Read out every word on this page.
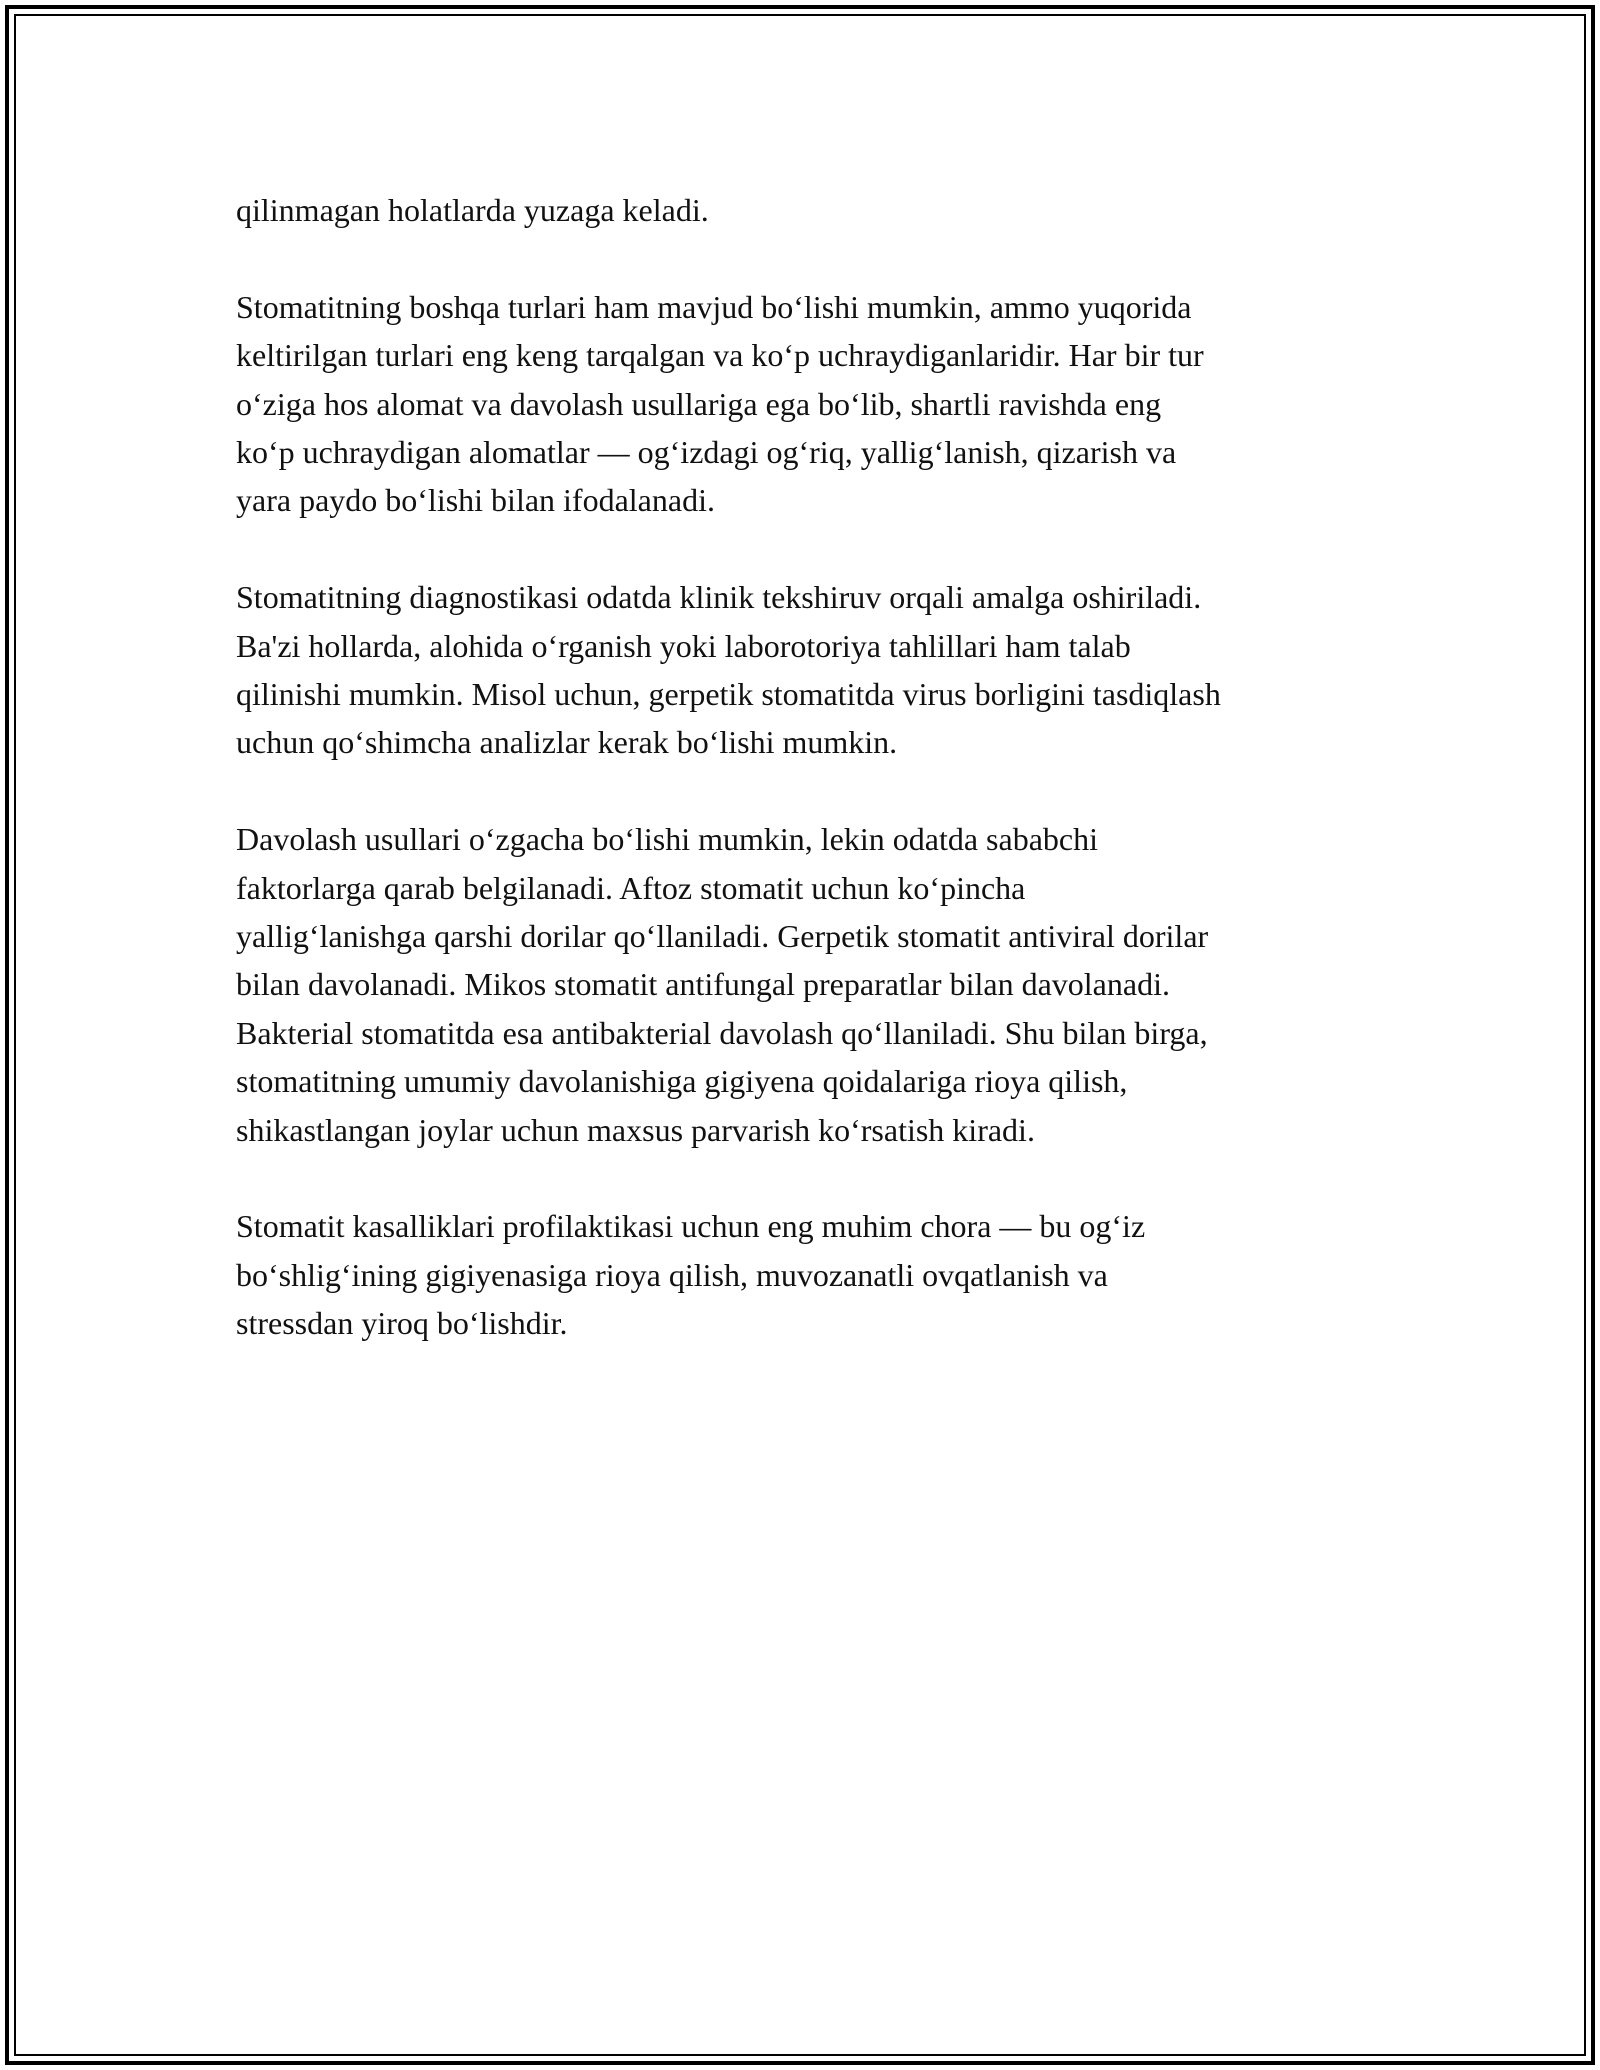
qilinmagan holatlarda yuzaga keladi.

Stomatitning boshqa turlari ham mavjud bo‘lishi mumkin, ammo yuqorida
keltirilgan turlari eng keng tarqalgan va ko‘p uchraydiganlaridir. Har bir tur
o‘ziga hos alomat va davolash usullariga ega bo‘lib, shartli ravishda eng
ko‘p uchraydigan alomatlar — og‘izdagi og‘riq, yallig‘lanish, qizarish va
yara paydo bo‘lishi bilan ifodalanadi.

Stomatitning diagnostikasi odatda klinik tekshiruv orqali amalga oshiriladi.
Ba'zi hollarda, alohida o‘rganish yoki laborotoriya tahlillari ham talab
qilinishi mumkin. Misol uchun, gerpetik stomatitda virus borligini tasdiqlash
uchun qo‘shimcha analizlar kerak bo‘lishi mumkin.

Davolash usullari o‘zgacha bo‘lishi mumkin, lekin odatda sababchi
faktorlarga qarab belgilanadi. Aftoz stomatit uchun ko‘pincha
yallig‘lanishga qarshi dorilar qo‘llaniladi. Gerpetik stomatit antiviral dorilar
bilan davolanadi. Mikos stomatit antifungal preparatlar bilan davolanadi.
Bakterial stomatitda esa antibakterial davolash qo‘llaniladi. Shu bilan birga,
stomatitning umumiy davolanishiga gigiyena qoidalariga rioya qilish,
shikastlangan joylar uchun maxsus parvarish ko‘rsatish kiradi.

Stomatit kasalliklari profilaktikasi uchun eng muhim chora — bu og‘iz
bo‘shlig‘ining gigiyenasiga rioya qilish, muvozanatli ovqatlanish va
stressdan yiroq bo‘lishdir.
